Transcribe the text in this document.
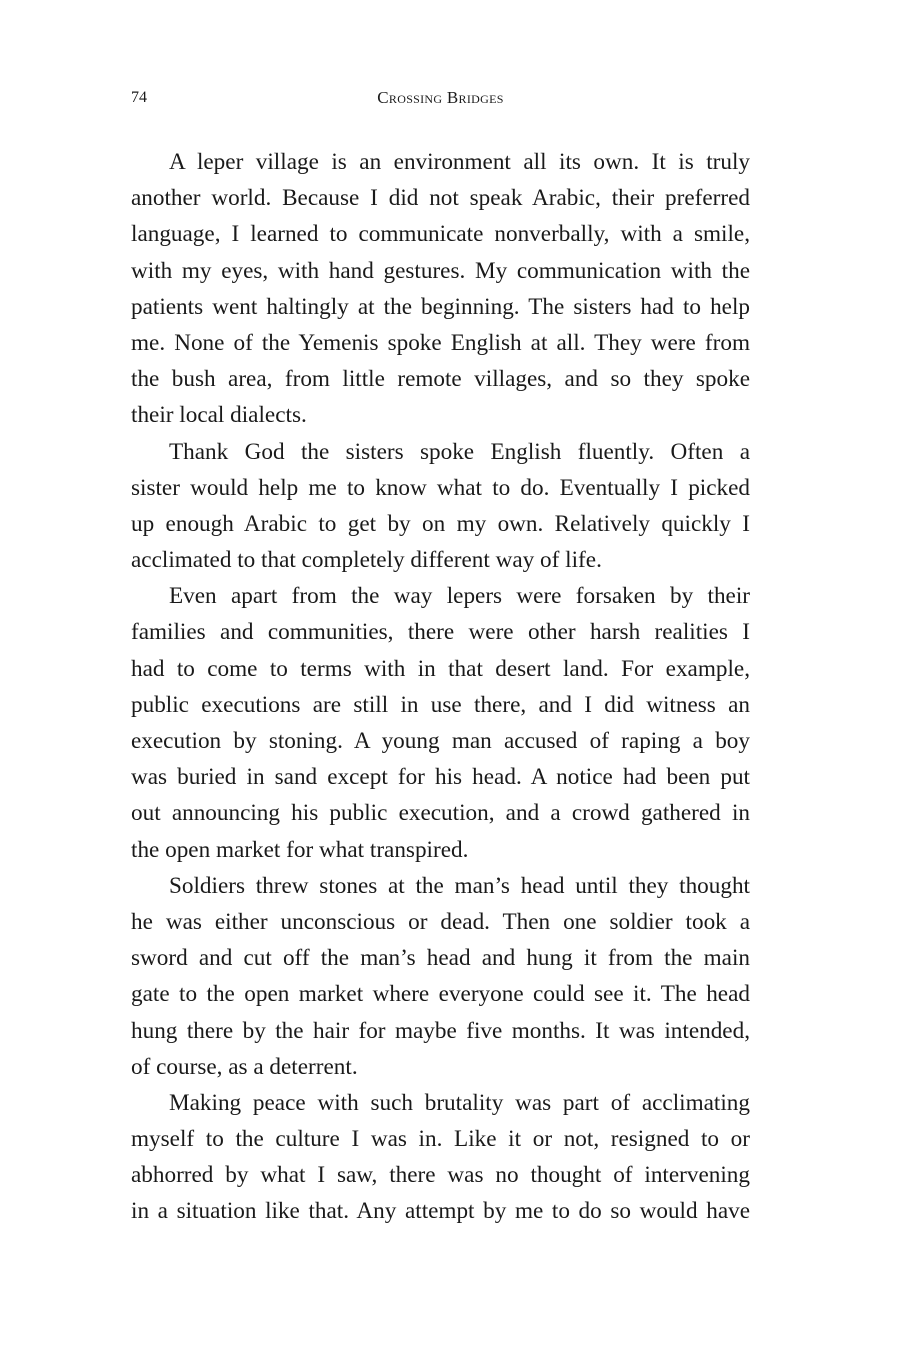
74	Crossing Bridges
A leper village is an environment all its own. It is truly
another world. Because I did not speak Arabic, their preferred
language, I learned to communicate nonverbally, with a smile,
with my eyes, with hand gestures. My communication with the
patients went haltingly at the beginning. The sisters had to help
me. None of the Yemenis spoke English at all. They were from
the bush area, from little remote villages, and so they spoke
their local dialects.
Thank God the sisters spoke English fluently. Often a
sister would help me to know what to do. Eventually I picked
up enough Arabic to get by on my own. Relatively quickly I
acclimated to that completely different way of life.
Even apart from the way lepers were forsaken by their
families and communities, there were other harsh realities I
had to come to terms with in that desert land. For example,
public executions are still in use there, and I did witness an
execution by stoning. A young man accused of raping a boy
was buried in sand except for his head. A notice had been put
out announcing his public execution, and a crowd gathered in
the open market for what transpired.
Soldiers threw stones at the man’s head until they thought
he was either unconscious or dead. Then one soldier took a
sword and cut off the man’s head and hung it from the main
gate to the open market where everyone could see it. The head
hung there by the hair for maybe five months. It was intended,
of course, as a deterrent.
Making peace with such brutality was part of acclimating
myself to the culture I was in. Like it or not, resigned to or
abhorred by what I saw, there was no thought of intervening
in a situation like that. Any attempt by me to do so would have
